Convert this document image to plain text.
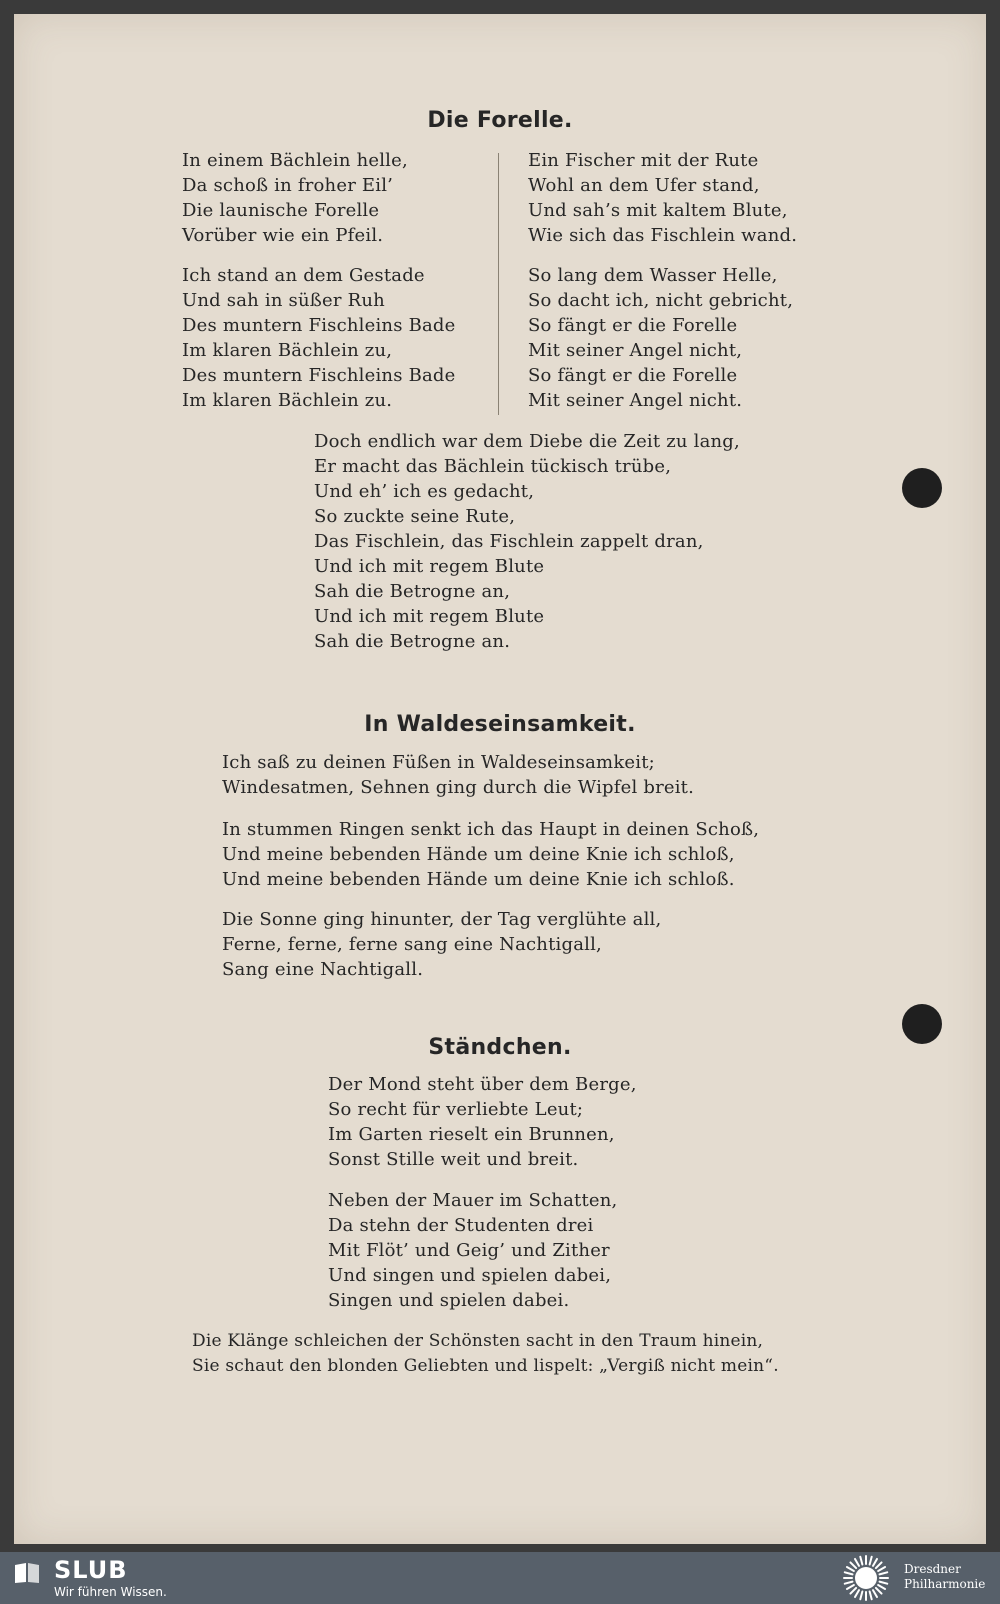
Die Forelle.
In einem Bächlein helle,
Da schoß in froher Eil’
Die launische Forelle
Vorüber wie ein Pfeil.
Ich stand an dem Gestade
Und sah in süßer Ruh
Des muntern Fischleins Bade
Im klaren Bächlein zu,
Des muntern Fischleins Bade
Im klaren Bächlein zu.
Ein Fischer mit der Rute
Wohl an dem Ufer stand,
Und sah’s mit kaltem Blute,
Wie sich das Fischlein wand.
So lang dem Wasser Helle,
So dacht ich, nicht gebricht,
So fängt er die Forelle
Mit seiner Angel nicht,
So fängt er die Forelle
Mit seiner Angel nicht.
Doch endlich war dem Diebe die Zeit zu lang,
Er macht das Bächlein tückisch trübe,
Und eh’ ich es gedacht,
So zuckte seine Rute,
Das Fischlein, das Fischlein zappelt dran,
Und ich mit regem Blute
Sah die Betrogne an,
Und ich mit regem Blute
Sah die Betrogne an.
In Waldeseinsamkeit.
Ich saß zu deinen Füßen in Waldeseinsamkeit;
Windesatmen, Sehnen ging durch die Wipfel breit.
In stummen Ringen senkt ich das Haupt in deinen Schoß,
Und meine bebenden Hände um deine Knie ich schloß,
Und meine bebenden Hände um deine Knie ich schloß.
Die Sonne ging hinunter, der Tag verglühte all,
Ferne, ferne, ferne sang eine Nachtigall,
Sang eine Nachtigall.
Ständchen.
Der Mond steht über dem Berge,
So recht für verliebte Leut;
Im Garten rieselt ein Brunnen,
Sonst Stille weit und breit.
Neben der Mauer im Schatten,
Da stehn der Studenten drei
Mit Flöt’ und Geig’ und Zither
Und singen und spielen dabei,
Singen und spielen dabei.
Die Klänge schleichen der Schönsten sacht in den Traum hinein,
Sie schaut den blonden Geliebten und lispelt: „Vergiß nicht mein“.
SLUB
Wir führen Wissen.
Dresdner
Philharmonie
